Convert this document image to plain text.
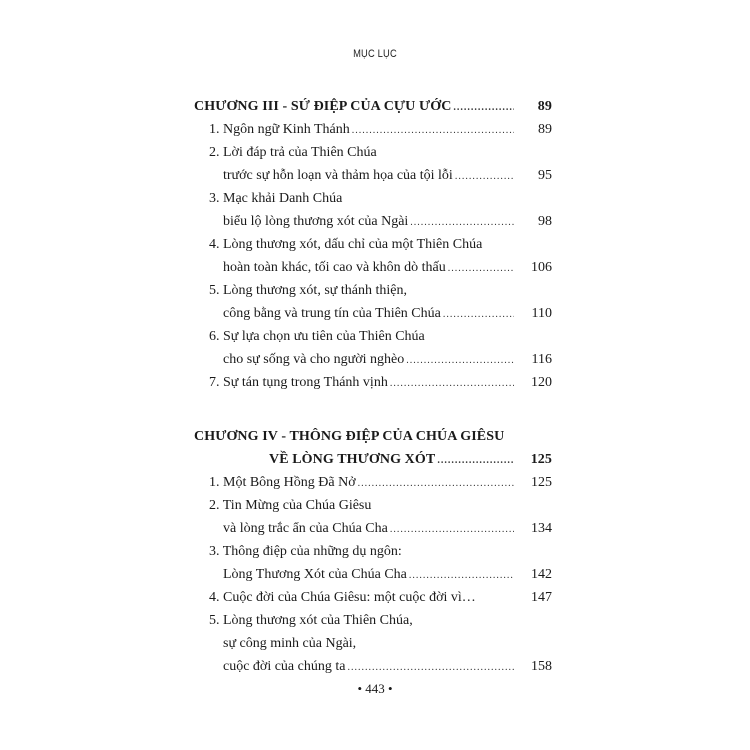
MỤC LỤC
CHƯƠNG III - SỨ ĐIỆP CỦA CỰU ƯỚC .....	89
1. Ngôn ngữ Kinh Thánh .....	89
2. Lời đáp trả của Thiên Chúa
trước sự hỗn loạn và thảm họa của tội lỗi .....	95
3. Mạc khải Danh Chúa
biểu lộ lòng thương xót của Ngài .....	98
4. Lòng thương xót, dấu chỉ của một Thiên Chúa
hoàn toàn khác, tối cao và khôn dò thấu .....	106
5. Lòng thương xót, sự thánh thiện,
công bằng và trung tín của Thiên Chúa .....	110
6. Sự lựa chọn ưu tiên của Thiên Chúa
cho sự sống và cho người nghèo .....	116
7. Sự tán tụng trong Thánh vịnh .....	120
CHƯƠNG IV - THÔNG ĐIỆP CỦA CHÚA GIÊSU
VỀ LÒNG THƯƠNG XÓT .....	125
1. Một Bông Hồng Đã Nở .....	125
2. Tin Mừng của Chúa Giêsu
và lòng trắc ẩn của Chúa Cha .....	134
3. Thông điệp của những dụ ngôn:
Lòng Thương Xót của Chúa Cha .....	142
4. Cuộc đời của Chúa Giêsu: một cuộc đời vì…	147
5. Lòng thương xót của Thiên Chúa,
sự công minh của Ngài,
cuộc đời của chúng ta .....	158
• 443 •
